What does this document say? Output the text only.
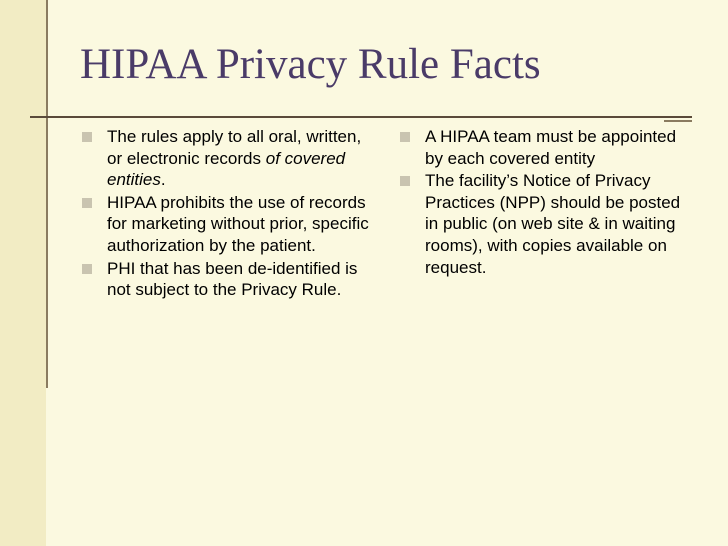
HIPAA Privacy Rule Facts
The rules apply to all oral, written, or electronic records of covered entities.
HIPAA prohibits the use of records for marketing without prior, specific authorization by the patient.
PHI that has been de-identified is not subject to the Privacy Rule.
A HIPAA team must be appointed by each covered entity
The facility’s Notice of Privacy Practices (NPP) should be posted in public (on web site & in waiting rooms), with copies available on request.
